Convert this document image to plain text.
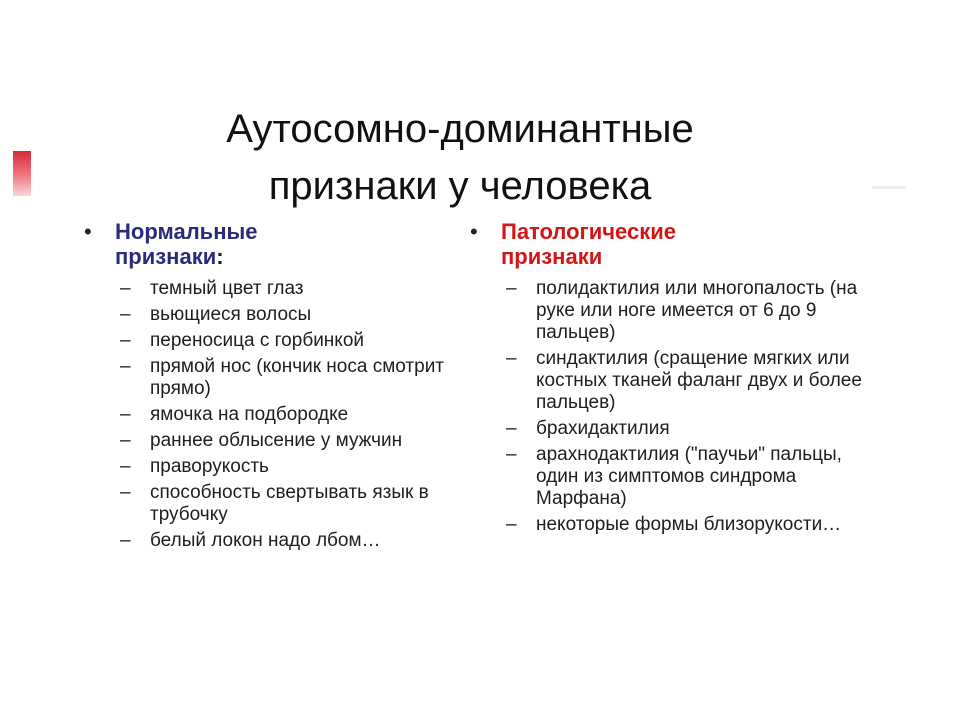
Аутосомно-доминантные
признаки у человека
• Нормальные
признаки:
–	темный цвет глаз
–	вьющиеся волосы
–	переносица с горбинкой
–	прямой нос (кончик носа смотрит прямо)
–	ямочка на подбородке
–	раннее облысение у мужчин
–	праворукость
–	способность свертывать язык в трубочку
–	белый локон надо лбом…
• Патологические
признаки
–	полидактилия или многопалость (на руке или ноге имеется от 6 до 9 пальцев)
–	синдактилия (сращение мягких или костных тканей фаланг двух и более пальцев)
–	брахидактилия
–	арахнодактилия ("паучьи" пальцы, один из симптомов синдрома Марфана)
–	некоторые формы близорукости…
